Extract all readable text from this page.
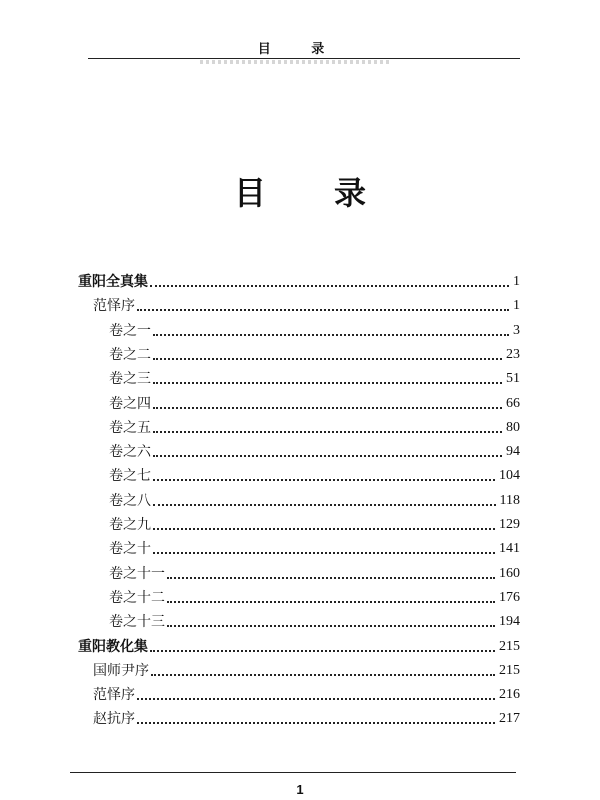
目 录
目录
重阳全真集	1
范怿序	1
卷之一	3
卷之二	23
卷之三	51
卷之四	66
卷之五	80
卷之六	94
卷之七	104
卷之八	118
卷之九	129
卷之十	141
卷之十一	160
卷之十二	176
卷之十三	194
重阳教化集	215
国师尹序	215
范怿序	216
赵抗序	217
1
